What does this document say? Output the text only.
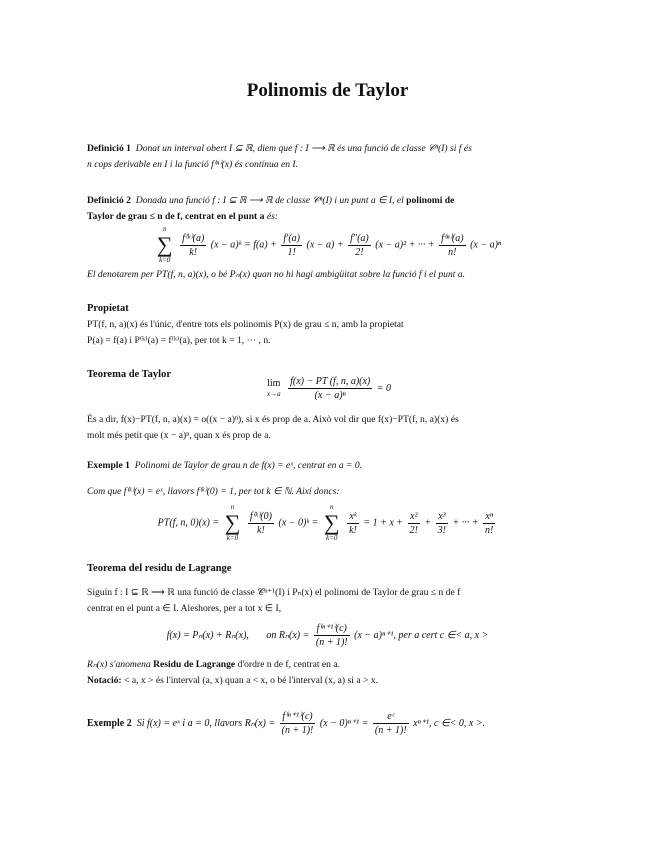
Polinomis de Taylor
Definició 1 Donat un interval obert I ⊆ ℝ, diem que f : I ⟶ ℝ és una funció de classe 𝒞ⁿ(I) si f és
n cops derivable en I i la funció f⁽ⁿ⁾(x) és contínua en I.
Definició 2 Donada una funció f : I ⊆ ℝ ⟶ ℝ de classe 𝒞ⁿ(I) i un punt a ∈ I, el polinomi de
Taylor de grau ≤ n de f, centrat en el punt a és:
n
∑
k=0

$\frac{\text{f⁽ᵏ⁾(a)}}{k!} (x$ − a)ᵏ = $f(a) + \frac{f'(a)}{1!} (x - a) + \frac{f''(a)}{2!} (x - a)^2$ + ··· + $\frac{\text{f⁽ⁿ⁾(a)}}{n!} (x - a)^n$
El denotarem per PT(f, n, a)(x), o bé Pₙ(x) quan no hi hagi ambigüitat sobre la funció f i el punt a.
Propietat
PT(f, n, a)(x) és l'únic, d'entre tots els polinomis P(x) de grau ≤ n, amb la propietat
P(a) = f(a) i P⁽ᵏ⁾(a) = f⁽ᵏ⁾(a), per tot k = 1, ··· , n.
Teorema de Taylor
lim
x→a
$\frac{f(x) - PT (f, n, a)(x)}{\text{(x − a)ⁿ}} = 0$
És a dir, f(x)−PT(f, n, a)(x) = o((x − a)ⁿ), si x és prop de a. Això vol dir que f(x)−PT(f, n, a)(x) és
molt més petit que (x − a)ⁿ, quan x és prop de a.
Exemple 1 Polinomi de Taylor de grau n de f(x) = eˣ, centrat en a = 0.
Com que f⁽ᵏ⁾(x) = eˣ, llavors f⁽ᵏ⁾(0) = 1, per tot k ∈ ℕ. Així doncs:
PT(f, n, 0)(x) =
n
∑
k=0

$\frac{\text{f⁽ᵏ⁾(0)}}{k!} (x$ − 0)ᵏ =
n
∑
k=0

$\frac{\text{xᵏ}}{k!} = 1 + x + \frac{\text{x²}}{2!} + \frac{\text{x³}}{3!}$ + ··· + $\frac{\text{xⁿ}}{n!}$
Teorema del residu de Lagrange
Siguin f : I ⊆ ℝ ⟶ ℝ una funció de classe 𝒞ⁿ⁺¹(I) i Pₙ(x) el polinomi de Taylor de grau ≤ n de f
centrat en el punt a ∈ I. Aleshores, per a tot x ∈ I,
f(x) = Pₙ(x) + Rₙ(x), on $R_n(x) = \frac{\text{f⁽ⁿ⁺¹⁾(c)}}{(n + 1)!} (x - a)^{n+1}$, per a cert c ∈< a, x >
Rₙ(x) s'anomena Residu de Lagrange d'ordre n de f, centrat en a.
Notació: < a, x > és l'interval (a, x) quan a < x, o bé l'interval (x, a) si a > x.
Exemple 2 Si f(x) = eˣ i a = 0, llavors $R_n(x) = \frac{\text{f⁽ⁿ⁺¹⁾(c)}}{(n + 1)!} (x - 0)^{n+1} = \frac{\text{eᶜ}}{(n + 1)!} x^{n+1}$, c ∈< 0, x >.
